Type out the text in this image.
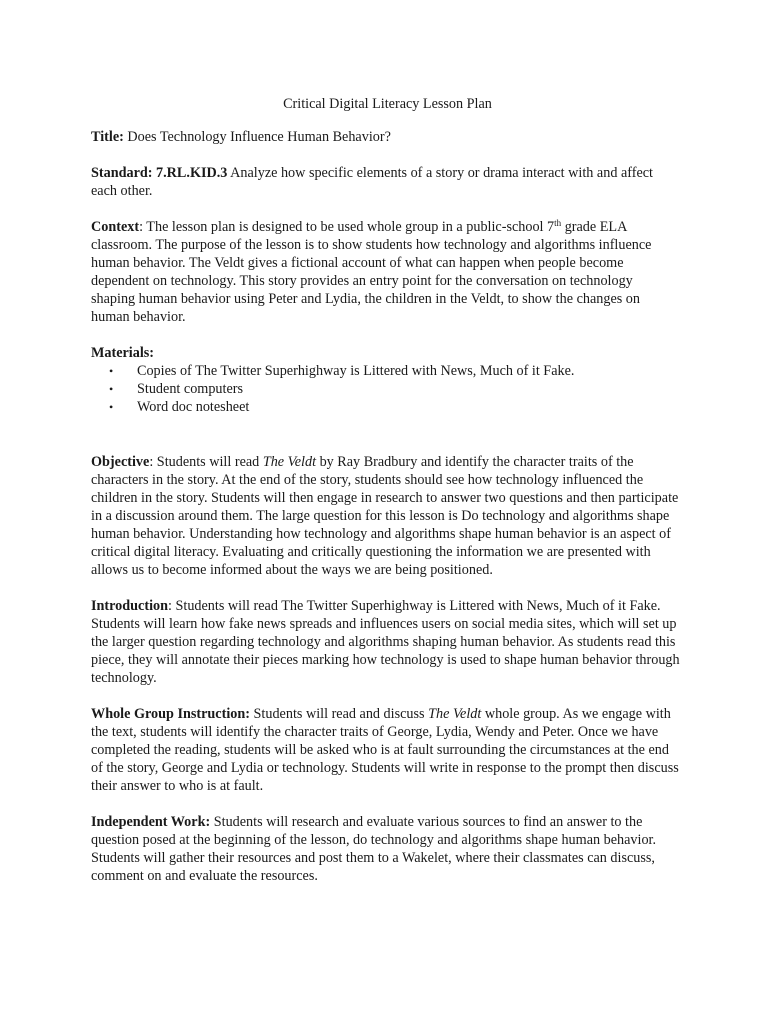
Critical Digital Literacy Lesson Plan

Title: Does Technology Influence Human Behavior?

Standard: 7.RL.KID.3 Analyze how specific elements of a story or drama interact with and affect each other.

Context: The lesson plan is designed to be used whole group in a public-school 7th grade ELA classroom. The purpose of the lesson is to show students how technology and algorithms influence human behavior. The Veldt gives a fictional account of what can happen when people become dependent on technology. This story provides an entry point for the conversation on technology shaping human behavior using Peter and Lydia, the children in the Veldt, to show the changes on human behavior.

Materials:
• Copies of The Twitter Superhighway is Littered with News, Much of it Fake.
• Student computers
• Word doc notesheet

Objective: Students will read The Veldt by Ray Bradbury and identify the character traits of the characters in the story. At the end of the story, students should see how technology influenced the children in the story. Students will then engage in research to answer two questions and then participate in a discussion around them. The large question for this lesson is Do technology and algorithms shape human behavior. Understanding how technology and algorithms shape human behavior is an aspect of critical digital literacy. Evaluating and critically questioning the information we are presented with allows us to become informed about the ways we are being positioned.

Introduction: Students will read The Twitter Superhighway is Littered with News, Much of it Fake. Students will learn how fake news spreads and influences users on social media sites, which will set up the larger question regarding technology and algorithms shaping human behavior. As students read this piece, they will annotate their pieces marking how technology is used to shape human behavior through technology.

Whole Group Instruction: Students will read and discuss The Veldt whole group. As we engage with the text, students will identify the character traits of George, Lydia, Wendy and Peter. Once we have completed the reading, students will be asked who is at fault surrounding the circumstances at the end of the story, George and Lydia or technology. Students will write in response to the prompt then discuss their answer to who is at fault.

Independent Work: Students will research and evaluate various sources to find an answer to the question posed at the beginning of the lesson, do technology and algorithms shape human behavior. Students will gather their resources and post them to a Wakelet, where their classmates can discuss, comment on and evaluate the resources.
